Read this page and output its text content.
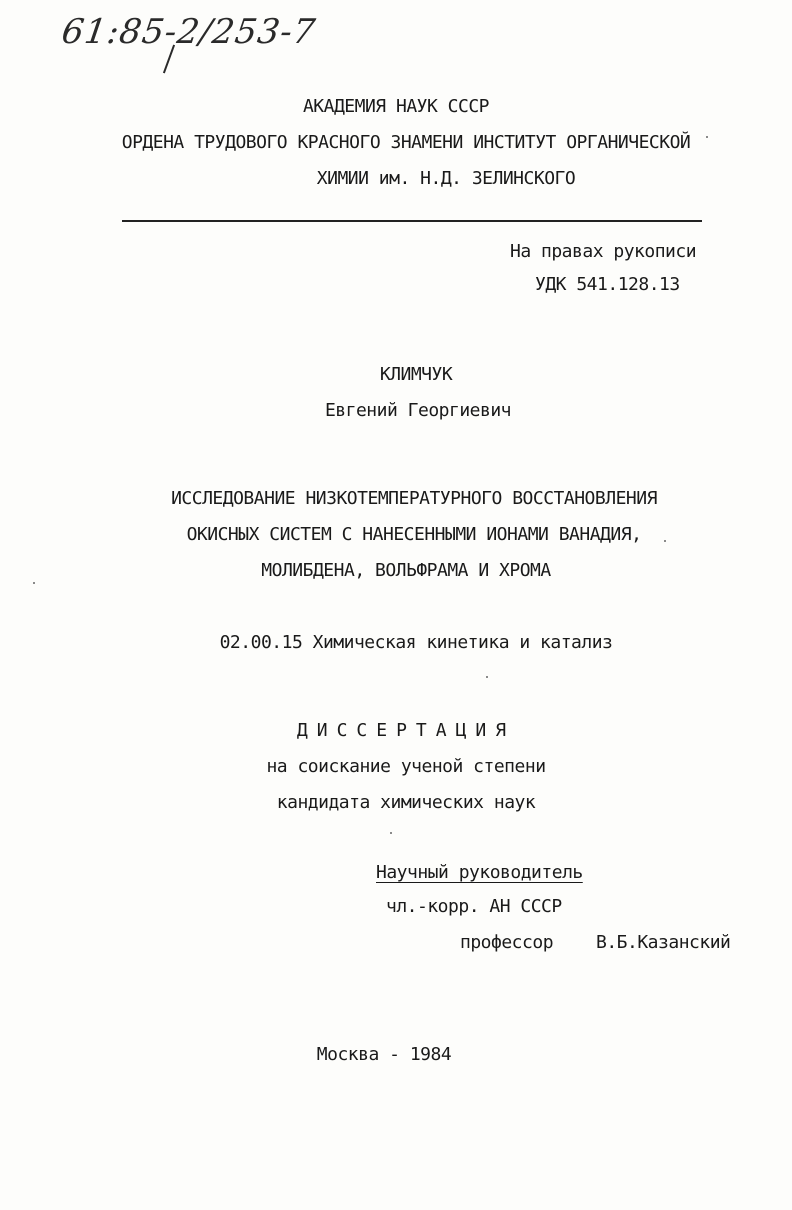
61:85-2/253-7
АКАДЕМИЯ НАУК СССР
ОРДЕНА ТРУДОВОГО КРАСНОГО ЗНАМЕНИ ИНСТИТУТ ОРГАНИЧЕСКОЙ
ХИМИИ им. Н.Д. ЗЕЛИНСКОГО
На правах рукописи
УДК 541.128.13
КЛИМЧУК
Евгений Георгиевич
ИССЛЕДОВАНИЕ НИЗКОТЕМПЕРАТУРНОГО ВОССТАНОВЛЕНИЯ
ОКИСНЫХ СИСТЕМ С НАНЕСЕННЫМИ ИОНАМИ ВАНАДИЯ,
МОЛИБДЕНА, ВОЛЬФРАМА И ХРОМА
02.00.15 Химическая кинетика и катализ
ДИССЕРТАЦИЯ
на соискание ученой степени
кандидата химических наук
Научный руководитель
чл.-корр. АН СССР
профессор В.Б.Казанский
Москва - 1984
